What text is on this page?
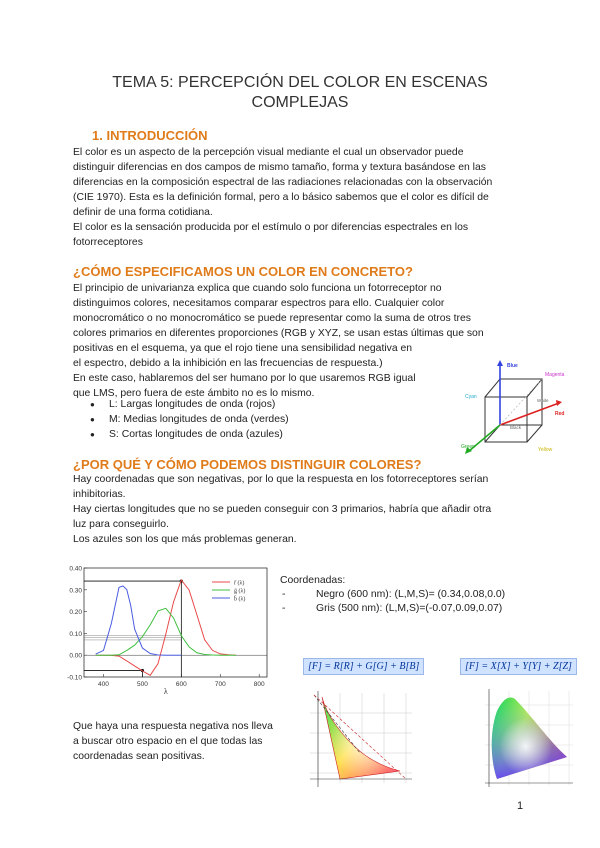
TEMA 5: PERCEPCIÓN DEL COLOR EN ESCENAS
COMPLEJAS
1. INTRODUCCIÓN
El color es un aspecto de la percepción visual mediante el cual un observador puede
distinguir diferencias en dos campos de mismo tamaño, forma y textura basándose en las
diferencias en la composición espectral de las radiaciones relacionadas con la observación
(CIE 1970). Esta es la definición formal, pero a lo básico sabemos que el color es difícil de
definir de una forma cotidiana.
El color es la sensación producida por el estímulo o por diferencias espectrales en los
fotorreceptores
¿CÓMO ESPECIFICAMOS UN COLOR EN CONCRETO?
El principio de univarianza explica que cuando solo funciona un fotorreceptor no
distinguimos colores, necesitamos comparar espectros para ello. Cualquier color
monocromático o no monocromático se puede representar como la suma de otros tres
colores primarios en diferentes proporciones (RGB y XYZ, se usan estas últimas que son
positivas en el esquema, ya que el rojo tiene una sensibilidad negativa en
el espectro, debido a la inhibición en las frecuencias de respuesta.)
En este caso, hablaremos del ser humano por lo que usaremos RGB igual
que LMS, pero fuera de este ámbito no es lo mismo.
● L: Largas longitudes de onda (rojos)
● M: Medias longitudes de onda (verdes)
● S: Cortas longitudes de onda (azules)
Blue
Magenta
Red
Green	Yellow
Cyan
White
Black
¿POR QUÉ Y CÓMO PODEMOS DISTINGUIR COLORES?
Hay coordenadas que son negativas, por lo que la respuesta en los fotorreceptores serían
inhibitorias.
Hay ciertas longitudes que no se pueden conseguir con 3 primarios, habría que añadir otra
luz para conseguirlo.
Los azules son los que más problemas generan.
0.40
0.30
0.20
0.10
0.00
-0.10
400	500	600	700	800
r̄ (λ)
ḡ (λ)
b̄ (λ)
λ
Coordenadas:
-	Negro (600 nm): (L,M,S)= (0.34,0.08,0.0)
-	Gris (500 nm): (L,M,S)=(-0.07,0.09,0.07)
[F] = R[R] + G[G] + B[B]	[F] = X[X] + Y[Y] + Z[Z]
Que haya una respuesta negativa nos lleva
a buscar otro espacio en el que todas las
coordenadas sean positivas.
1
